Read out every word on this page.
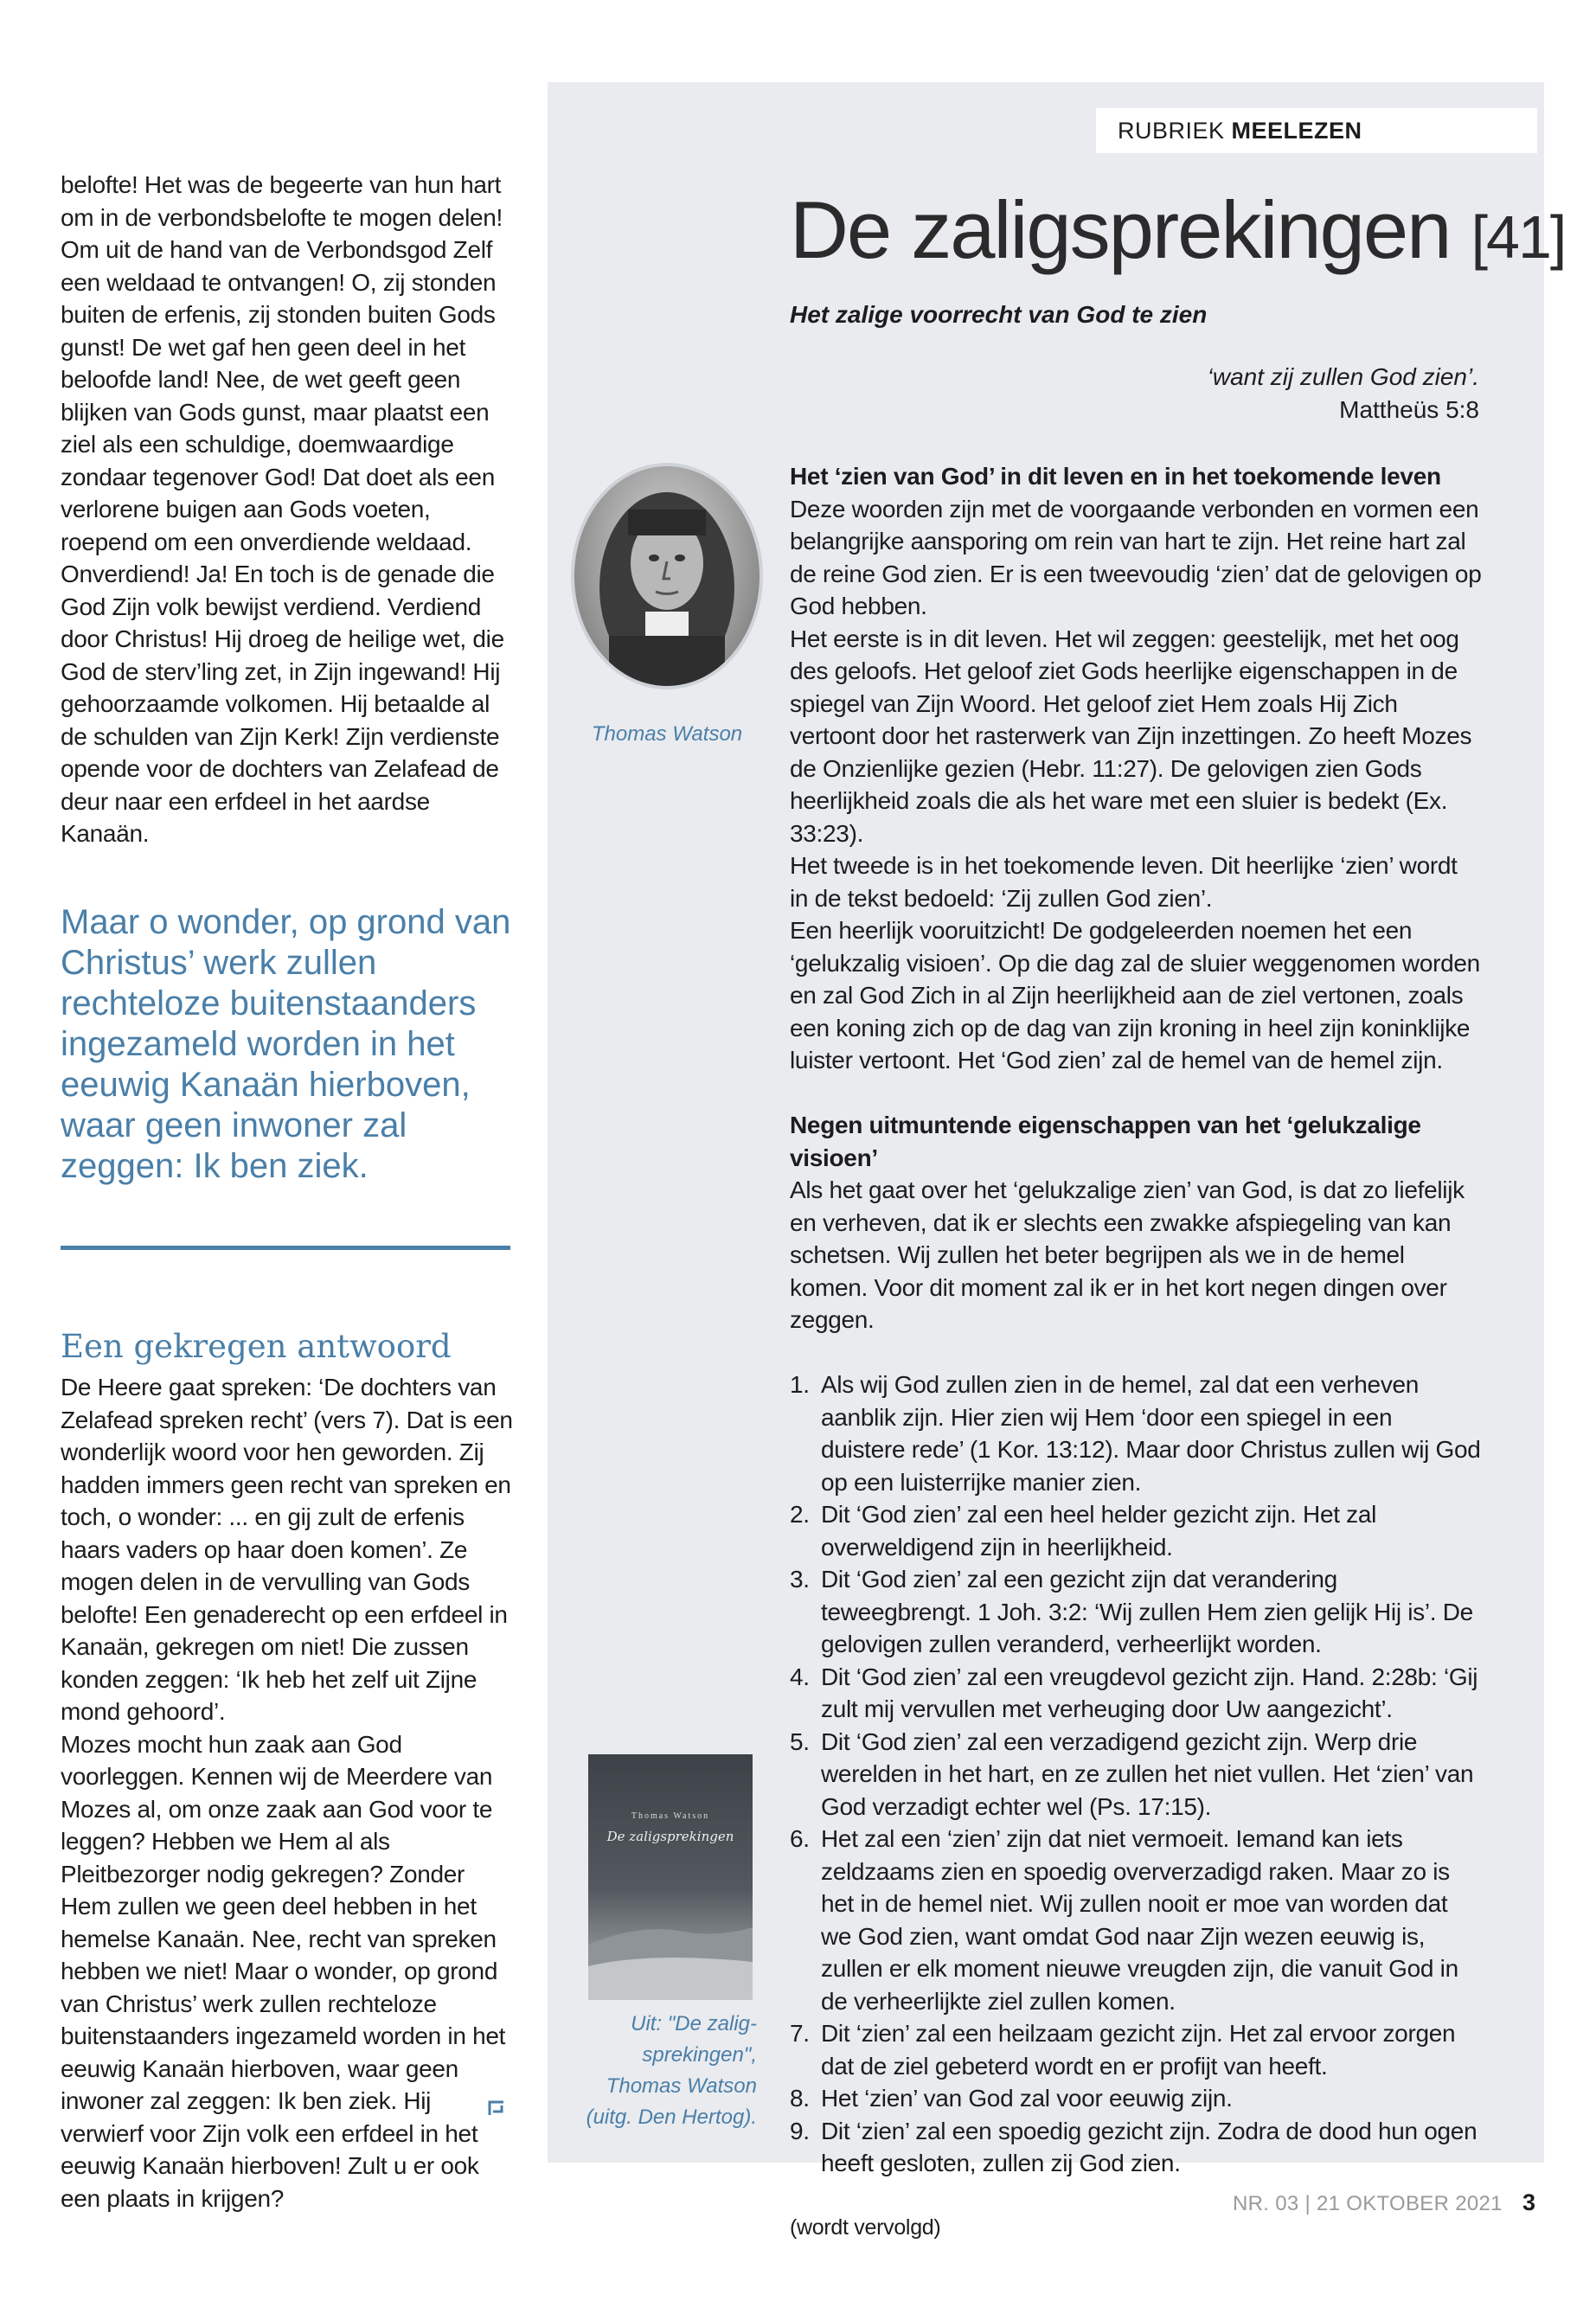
belofte! Het was de begeerte van hun hart om in de verbondsbelofte te mogen delen! Om uit de hand van de Verbondsgod Zelf een weldaad te ontvangen! O, zij stonden buiten de erfenis, zij stonden buiten Gods gunst! De wet gaf hen geen deel in het beloofde land! Nee, de wet geeft geen blijken van Gods gunst, maar plaatst een ziel als een schuldige, doemwaardige zondaar tegenover God! Dat doet als een verlorene buigen aan Gods voeten, roepend om een onverdiende weldaad.

Onverdiend! Ja! En toch is de genade die God Zijn volk bewijst verdiend. Verdiend door Christus! Hij droeg de heilige wet, die God de sterv’ling zet, in Zijn ingewand! Hij gehoorzaamde volkomen. Hij betaalde al de schulden van Zijn Kerk! Zijn verdienste opende voor de dochters van Zelafead de deur naar een erfdeel in het aardse Kanaän.

Maar o wonder, op grond van Christus’ werk zullen rechteloze buitenstaanders ingezameld worden in het eeuwig Kanaän hierboven, waar geen inwoner zal zeggen: Ik ben ziek.
Een gekregen antwoord

De Heere gaat spreken: ‘De dochters van Zelafead spreken recht’ (vers 7). Dat is een wonderlijk woord voor hen geworden. Zij hadden immers geen recht van spreken en toch, o wonder: ... en gij zult de erfenis haars vaders op haar doen komen’. Ze mogen delen in de vervulling van Gods belofte! Een genaderecht op een erfdeel in Kanaän, gekregen om niet! Die zussen konden zeggen: ‘Ik heb het zelf uit Zijne mond gehoord’.

Mozes mocht hun zaak aan God voorleggen. Kennen wij de Meerdere van Mozes al, om onze zaak aan God voor te leggen? Hebben we Hem al als Pleitbezorger nodig gekregen? Zonder Hem zullen we geen deel hebben in het hemelse Kanaän. Nee, recht van spreken hebben we niet! Maar o wonder, op grond van Christus’ werk zullen rechteloze buitenstaanders ingezameld worden in het eeuwig Kanaän hierboven, waar geen inwoner zal zeggen: Ik ben ziek. Hij verwierf voor Zijn volk een erfdeel in het eeuwig Kanaän hierboven! Zult u er ook een plaats in krijgen?

RUBRIEK MEELEZEN
De zaligsprekingen [41]
Het zalige voorrecht van God te zien
‘want zij zullen God zien’.
Mattheüs 5:8
Thomas Watson
Thomas Watson
De zaligsprekingen
Uit: "De zalig-
sprekingen",
Thomas Watson
(uitg. Den Hertog).
Het ‘zien van God’ in dit leven en in het toekomende leven

Deze woorden zijn met de voorgaande verbonden en vormen een belangrijke aansporing om rein van hart te zijn. Het reine hart zal de reine God zien. Er is een tweevoudig ‘zien’ dat de gelovigen op God hebben.

Het eerste is in dit leven. Het wil zeggen: geestelijk, met het oog des geloofs. Het geloof ziet Gods heerlijke eigenschappen in de spiegel van Zijn Woord. Het geloof ziet Hem zoals Hij Zich vertoont door het rasterwerk van Zijn inzettingen. Zo heeft Mozes de Onzienlijke gezien (Hebr. 11:27). De gelovigen zien Gods heerlijkheid zoals die als het ware met een sluier is bedekt (Ex. 33:23).

Het tweede is in het toekomende leven. Dit heerlijke ‘zien’ wordt in de tekst bedoeld: ‘Zij zullen God zien’.

Een heerlijk vooruitzicht! De godgeleerden noemen het een ‘gelukzalig visioen’. Op die dag zal de sluier weggenomen worden en zal God Zich in al Zijn heerlijkheid aan de ziel vertonen, zoals een koning zich op de dag van zijn kroning in heel zijn koninklijke luister vertoont. Het ‘God zien’ zal de hemel van de hemel zijn.

Negen uitmuntende eigenschappen van het ‘gelukzalige visioen’

Als het gaat over het ‘gelukzalige zien’ van God, is dat zo liefelijk en verheven, dat ik er slechts een zwakke afspiegeling van kan schetsen. Wij zullen het beter begrijpen als we in de hemel komen. Voor dit moment zal ik er in het kort negen dingen over zeggen.

1. Als wij God zullen zien in de hemel, zal dat een verheven aanblik zijn. Hier zien wij Hem ‘door een spiegel in een duistere rede’ (1 Kor. 13:12). Maar door Christus zullen wij God op een luisterrijke manier zien.
2. Dit ‘God zien’ zal een heel helder gezicht zijn. Het zal overweldigend zijn in heerlijkheid.
3. Dit ‘God zien’ zal een gezicht zijn dat verandering teweegbrengt. 1 Joh. 3:2: ‘Wij zullen Hem zien gelijk Hij is’. De gelovigen zullen veranderd, verheerlijkt worden.
4. Dit ‘God zien’ zal een vreugdevol gezicht zijn. Hand. 2:28b: ‘Gij zult mij vervullen met verheuging door Uw aangezicht’.
5. Dit ‘God zien’ zal een verzadigend gezicht zijn. Werp drie werelden in het hart, en ze zullen het niet vullen. Het ‘zien’ van God verzadigt echter wel (Ps. 17:15).
6. Het zal een ‘zien’ zijn dat niet vermoeit. Iemand kan iets zeldzaams zien en spoedig oververzadigd raken. Maar zo is het in de hemel niet. Wij zullen nooit er moe van worden dat we God zien, want omdat God naar Zijn wezen eeuwig is, zullen er elk moment nieuwe vreugden zijn, die vanuit God in de verheerlijkte ziel zullen komen.
7. Dit ‘zien’ zal een heilzaam gezicht zijn. Het zal ervoor zorgen dat de ziel gebeterd wordt en er profijt van heeft.
8. Het ‘zien’ van God zal voor eeuwig zijn.
9. Dit ‘zien’ zal een spoedig gezicht zijn. Zodra de dood hun ogen heeft gesloten, zullen zij God zien.

(wordt vervolgd)

NR. 03 | 21 OKTOBER 2021 3
